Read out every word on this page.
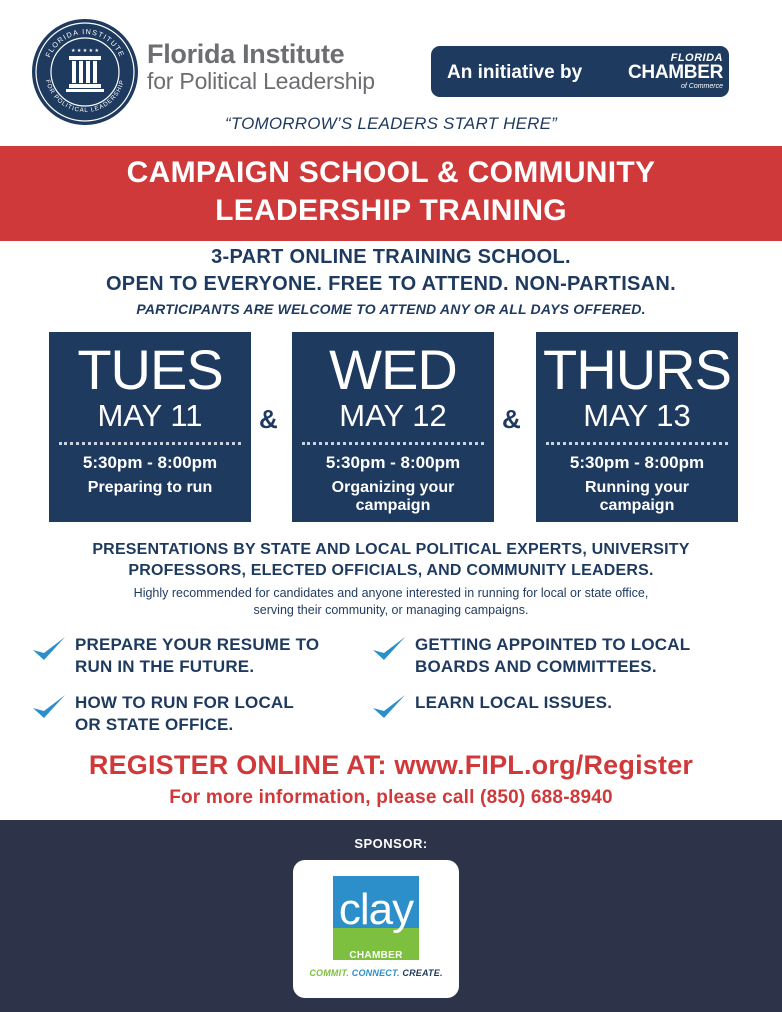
FLORIDA INSTITUTE
FOR POLITICAL LEADERSHIP
★ ★ ★ ★ ★ Florida Institute
for Political Leadership	An initiative by
FLORIDA
CHAMBER
of Commerce
“TOMORROW’S LEADERS START HERE”
CAMPAIGN SCHOOL & COMMUNITY
LEADERSHIP TRAINING
3-PART ONLINE TRAINING SCHOOL.
OPEN TO EVERYONE. FREE TO ATTEND. NON-PARTISAN.
PARTICIPANTS ARE WELCOME TO ATTEND ANY OR ALL DAYS OFFERED.
TUES
MAY 11
5:30pm - 8:00pm
Preparing to run
&
WED
MAY 12
5:30pm - 8:00pm
Organizing your campaign
&
THURS
MAY 13
5:30pm - 8:00pm
Running your campaign
PRESENTATIONS BY STATE AND LOCAL POLITICAL EXPERTS, UNIVERSITY
PROFESSORS, ELECTED OFFICIALS, AND COMMUNITY LEADERS.
Highly recommended for candidates and anyone interested in running for local or state office,
serving their community, or managing campaigns.
PREPARE YOUR RESUME TO
RUN IN THE FUTURE.
GETTING APPOINTED TO LOCAL
BOARDS AND COMMITTEES.
HOW TO RUN FOR LOCAL
OR STATE OFFICE.
LEARN LOCAL ISSUES.
REGISTER ONLINE AT: www.FIPL.org/Register
For more information, please call (850) 688-8940
SPONSOR:
clay
CHAMBER
COMMIT. CONNECT. CREATE.
